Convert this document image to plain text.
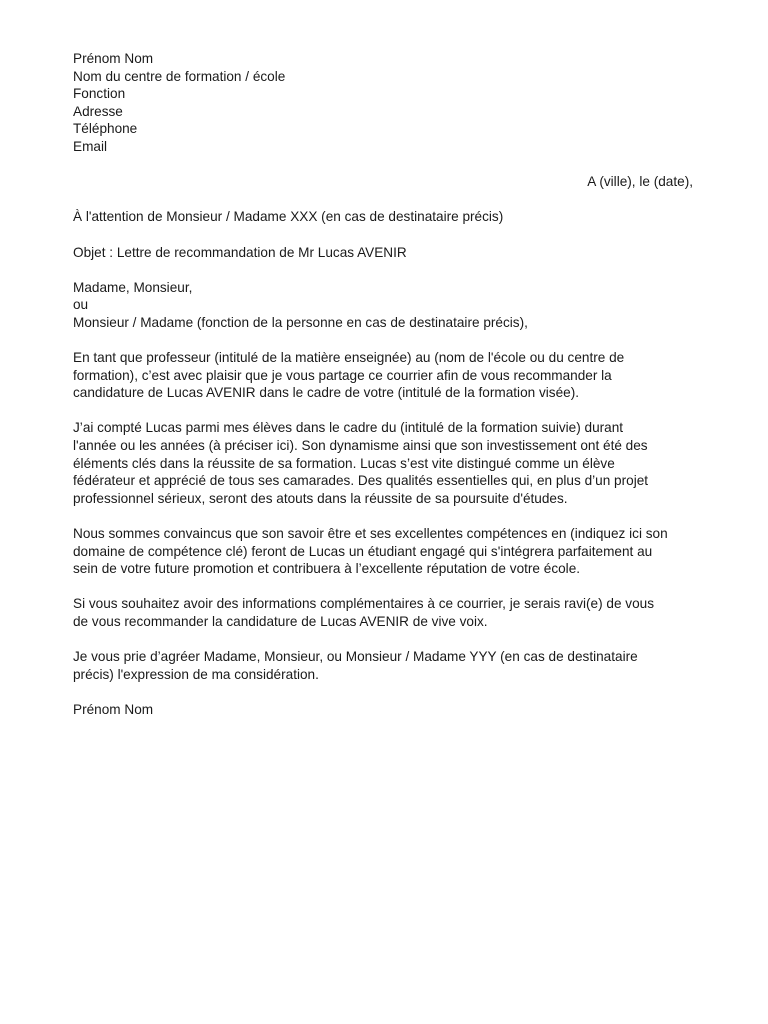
Prénom Nom
Nom du centre de formation / école
Fonction
Adresse
Téléphone
Email
A (ville), le (date),
À l'attention de Monsieur / Madame XXX (en cas de destinataire précis)
Objet : Lettre de recommandation de Mr Lucas AVENIR
Madame, Monsieur,
ou
Monsieur / Madame (fonction de la personne en cas de destinataire précis),

En tant que professeur (intitulé de la matière enseignée) au (nom de l'école ou du centre de
formation), c’est avec plaisir que je vous partage ce courrier afin de vous recommander la
candidature de Lucas AVENIR dans le cadre de votre (intitulé de la formation visée).

J’ai compté Lucas parmi mes élèves dans le cadre du (intitulé de la formation suivie) durant
l'année ou les années (à préciser ici). Son dynamisme ainsi que son investissement ont été des
éléments clés dans la réussite de sa formation. Lucas s’est vite distingué comme un élève
fédérateur et apprécié de tous ses camarades. Des qualités essentielles qui, en plus d’un projet
professionnel sérieux, seront des atouts dans la réussite de sa poursuite d'études.

Nous sommes convaincus que son savoir être et ses excellentes compétences en (indiquez ici son
domaine de compétence clé) feront de Lucas un étudiant engagé qui s'intégrera parfaitement au
sein de votre future promotion et contribuera à l’excellente réputation de votre école.

Si vous souhaitez avoir des informations complémentaires à ce courrier, je serais ravi(e) de vous
de vous recommander la candidature de Lucas AVENIR de vive voix.

Je vous prie d’agréer Madame, Monsieur, ou Monsieur / Madame YYY (en cas de destinataire
précis) l'expression de ma considération.

Prénom Nom
